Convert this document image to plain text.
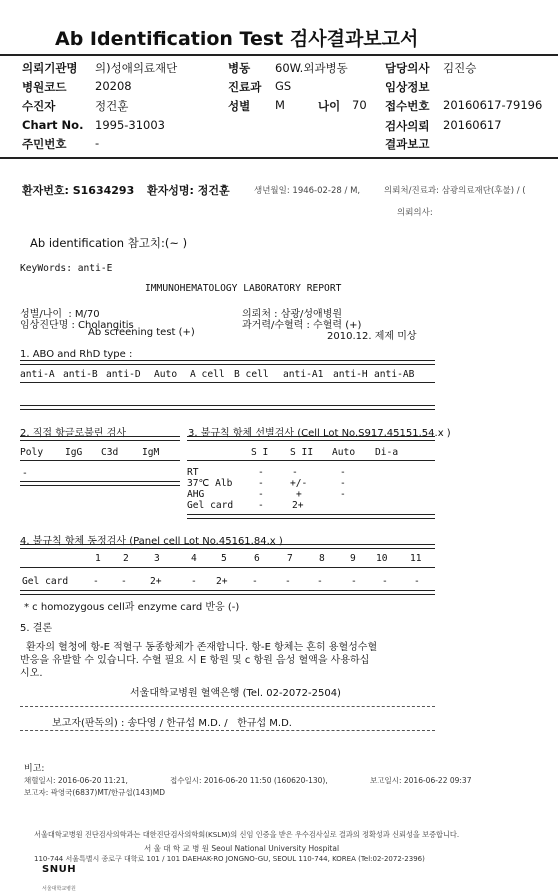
Ab Identification Test 검사결과보고서
의뢰기관명 의)성애의료재단	병동 60W.외과병동	담당의사 김진승
병원코드 20208	진료과 GS	임상정보
수진자	정건훈	성별 M	나이 70 접수번호 20160617-79196
Chart No. 1995-31003	검사의뢰 20160617
주민번호 -	결과보고
환자번호: S1634293 환자성명: 정건훈	생년월일: 1946-02-28 / M,	의뢰처/진료과: 삼광의료재단(후불) / (
의뢰의사:
Ab identification 참고치:(~ )
KeyWords: anti-E
IMMUNOHEMATOLOGY LABORATORY REPORT
성별/나이  : M/70
임상진단명 : Cholangitis
Ab screening test (+)
의뢰처 : 삼광/성애병원
과거력/수혈력 : 수혈력 (+)
2010.12. 제제 미상
1. ABO and RhD type :
anti-A anti-B anti-D Auto A cell B cell anti-A1 anti-H anti-AB
2. 직접 항글로불린 검사
Poly IgG C3d IgM
-
3. 불규칙 항체 선별검사 (Cell Lot No.S917,45151.54.x )
S I S II Auto Di-a
RT	-	-	-
37℃ Alb	-	+/-	-
AHG	-	+	-
Gel card	-	2+
4. 불규칙 항체 동정검사 (Panel cell Lot No.45161.84.x )
1 2	3	4	5	6	7	8	9 10 11
Gel card	- - 2+	- 2+	-	-	-	-	-	-
* c homozygous cell과 enzyme card 반응 (-)
5. 결론
환자의 혈청에 항-E 적혈구 동종항체가 존재합니다. 항-E 항체는 흔히 용혈성수혈
반응을 유발할 수 있습니다. 수혈 필요 시 E 항원 및 c 항원 음성 혈액을 사용하십
시오.
서울대학교병원 혈액은행 (Tel. 02-2072-2504)
보고자(판독의) : 송다영 / 한규섭 M.D. /   한규섭 M.D.
비고:
채혈일시: 2016-06-20 11:21,	접수일시: 2016-06-20 11:50 (160620-130),	보고일시: 2016-06-22 09:37
보고자: 곽영국(6837)MT/한규섭(143)MD
서울대학교병원 진단검사의학과는 대한진단검사의학회(KSLM)의 신임 인증을 받은 우수검사실로 결과의 정확성과 신뢰성을 보증합니다.

SNUH
서울대학교병원

서 울 대 학 교 병 원 Seoul National University Hospital
110-744 서울특별시 종로구 대학로 101 / 101 DAEHAK-RO JONGNO-GU, SEOUL 110-744, KOREA (Tel:02-2072-2396)
